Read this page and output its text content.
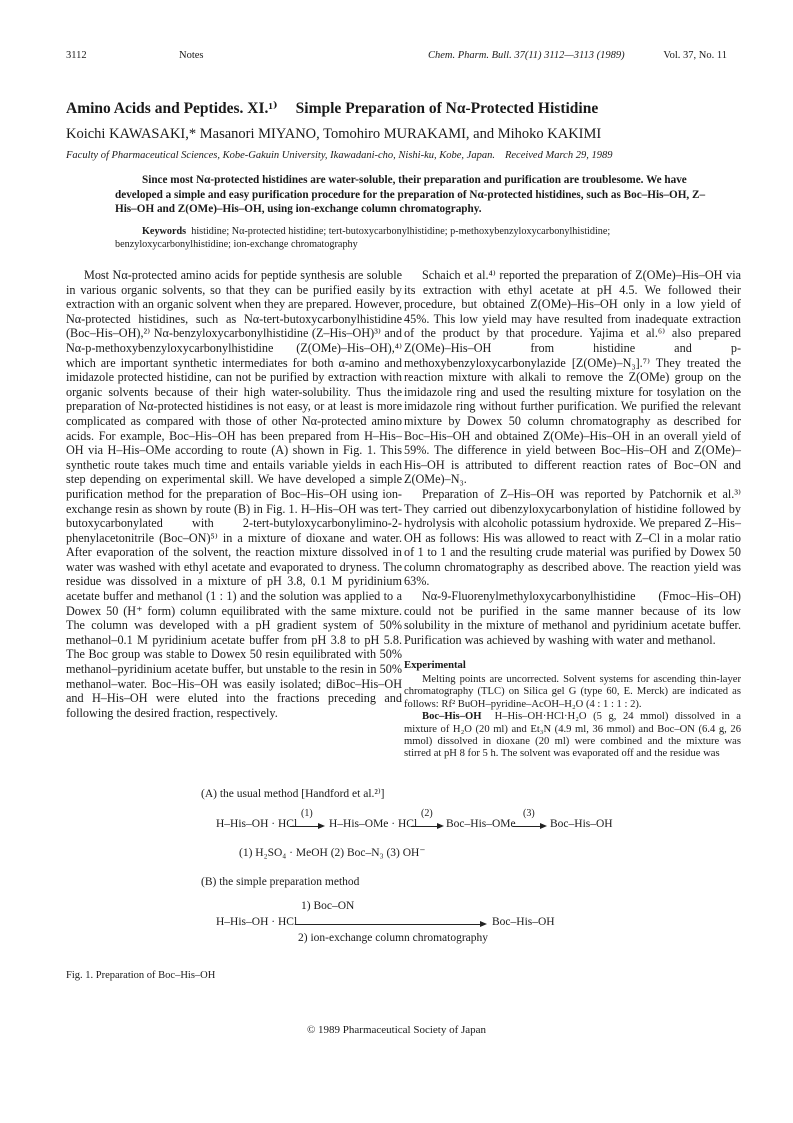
3112	Notes	Chem. Pharm. Bull. 37(11) 3112—3113 (1989)	Vol. 37, No. 11
Amino Acids and Peptides. XI.¹⁾ Simple Preparation of Nα-Protected Histidine
Koichi KAWASAKI,* Masanori MIYANO, Tomohiro MURAKAMI, and Mihoko KAKIMI
Faculty of Pharmaceutical Sciences, Kobe-Gakuin University, Ikawadani-cho, Nishi-ku, Kobe, Japan. Received March 29, 1989

Since most Nα-protected histidines are water-soluble, their preparation and purification are troublesome. We have developed a simple and easy purification procedure for the preparation of Nα-protected histidines, such as Boc–His–OH, Z–His–OH and Z(OMe)–His–OH, using ion-exchange column chromatography.

Keywords histidine; Nα-protected histidine; tert-butoxycarbonylhistidine; p-methoxybenzyloxycarbonylhistidine; benzyloxycarbonylhistidine; ion-exchange chromatography

Most Nα-protected amino acids for peptide synthesis are soluble in various organic solvents, so that they can be purified easily by extraction with an organic solvent when they are prepared. However, Nα-protected histidines, such as Nα-tert-butoxycarbonylhistidine (Boc–His–OH),²⁾ Nα-benzyloxycarbonylhistidine (Z–His–OH)³⁾ and Nα-p-methoxybenzyloxycarbonylhistidine (Z(OMe)–His–OH),⁴⁾ which are important synthetic intermediates for both α-amino and imidazole protected histidine, can not be purified by extraction with organic solvents because of their high water-solubility. Thus the preparation of Nα-protected histidines is not easy, or at least is more complicated as compared with those of other Nα-protected amino acids. For example, Boc–His–OH has been prepared from H–His–OH via H–His–OMe according to route (A) shown in Fig. 1. This synthetic route takes much time and entails variable yields in each step depending on experimental skill. We have developed a simple purification method for the preparation of Boc–His–OH using ion-exchange resin as shown by route (B) in Fig. 1. H–His–OH was tert-butoxycarbonylated with 2-tert-butyloxycarbonylimino-2-phenylacetonitrile (Boc–ON)⁵⁾ in a mixture of dioxane and water. After evaporation of the solvent, the reaction mixture dissolved in water was washed with ethyl acetate and evaporated to dryness. The residue was dissolved in a mixture of pH 3.8, 0.1 M pyridinium acetate buffer and methanol (1 : 1) and the solution was applied to a Dowex 50 (H⁺ form) column equilibrated with the same mixture. The column was developed with a pH gradient system of 50% methanol–0.1 M pyridinium acetate buffer from pH 3.8 to pH 5.8. The Boc group was stable to Dowex 50 resin equilibrated with 50% methanol–pyridinium acetate buffer, but unstable to the resin in 50% methanol–water. Boc–His–OH was easily isolated; diBoc–His–OH and H–His–OH were eluted into the fractions preceding and following the desired fraction, respectively.

Schaich et al.⁴⁾ reported the preparation of Z(OMe)–His–OH via its extraction with ethyl acetate at pH 4.5. We followed their procedure, but obtained Z(OMe)–His–OH only in a low yield of 45%. This low yield may have resulted from inadequate extraction of the product by that procedure. Yajima et al.⁶⁾ also prepared Z(OMe)–His–OH from histidine and p-methoxybenzyloxycarbonylazide [Z(OMe)–N₃].⁷⁾ They treated the reaction mixture with alkali to remove the Z(OMe) group on the imidazole ring and used the resulting mixture for tosylation on the imidazole ring without further purification. We purified the relevant mixture by Dowex 50 column chromatography as described for Boc–His–OH and obtained Z(OMe)–His–OH in an overall yield of 59%. The difference in yield between Boc–His–OH and Z(OMe)–His–OH is attributed to different reaction rates of Boc–ON and Z(OMe)–N₃.

Preparation of Z–His–OH was reported by Patchornik et al.³⁾ They carried out dibenzyloxycarbonylation of histidine followed by hydrolysis with alcoholic potassium hydroxide. We prepared Z–His–OH as follows: His was allowed to react with Z–Cl in a molar ratio of 1 to 1 and the resulting crude material was purified by Dowex 50 column chromatography as described above. The reaction yield was 63%.

Nα-9-Fluorenylmethyloxycarbonylhistidine (Fmoc–His–OH) could not be purified in the same manner because of its low solubility in the mixture of methanol and pyridinium acetate buffer. Purification was achieved by washing with water and methanol.

Experimental

Melting points are uncorrected. Solvent systems for ascending thin-layer chromatography (TLC) on Silica gel G (type 60, E. Merck) are indicated as follows: Rf² BuOH–pyridine–AcOH–H₂O (4 : 1 : 1 : 2).

Boc–His–OH H–His–OH·HCl·H₂O (5 g, 24 mmol) dissolved in a mixture of H₂O (20 ml) and Et₃N (4.9 ml, 36 mmol) and Boc–ON (6.4 g, 26 mmol) dissolved in dioxane (20 ml) were combined and the mixture was stirred at pH 8 for 5 h. The solvent was evaporated off and the residue was

(A) the usual method [Handford et al.²⁾]
H–His–OH · HCl
(1)
H–His–OMe · HCl
(2)
Boc–His–OMe
(3)
Boc–His–OH
(1) H₂SO₄ · MeOH (2) Boc–N₃ (3) OH⁻
(B) the simple preparation method
1) Boc–ON
H–His–OH · HCl	Boc–His–OH
2) ion-exchange column chromatography
Fig. 1. Preparation of Boc–His–OH
© 1989 Pharmaceutical Society of Japan
